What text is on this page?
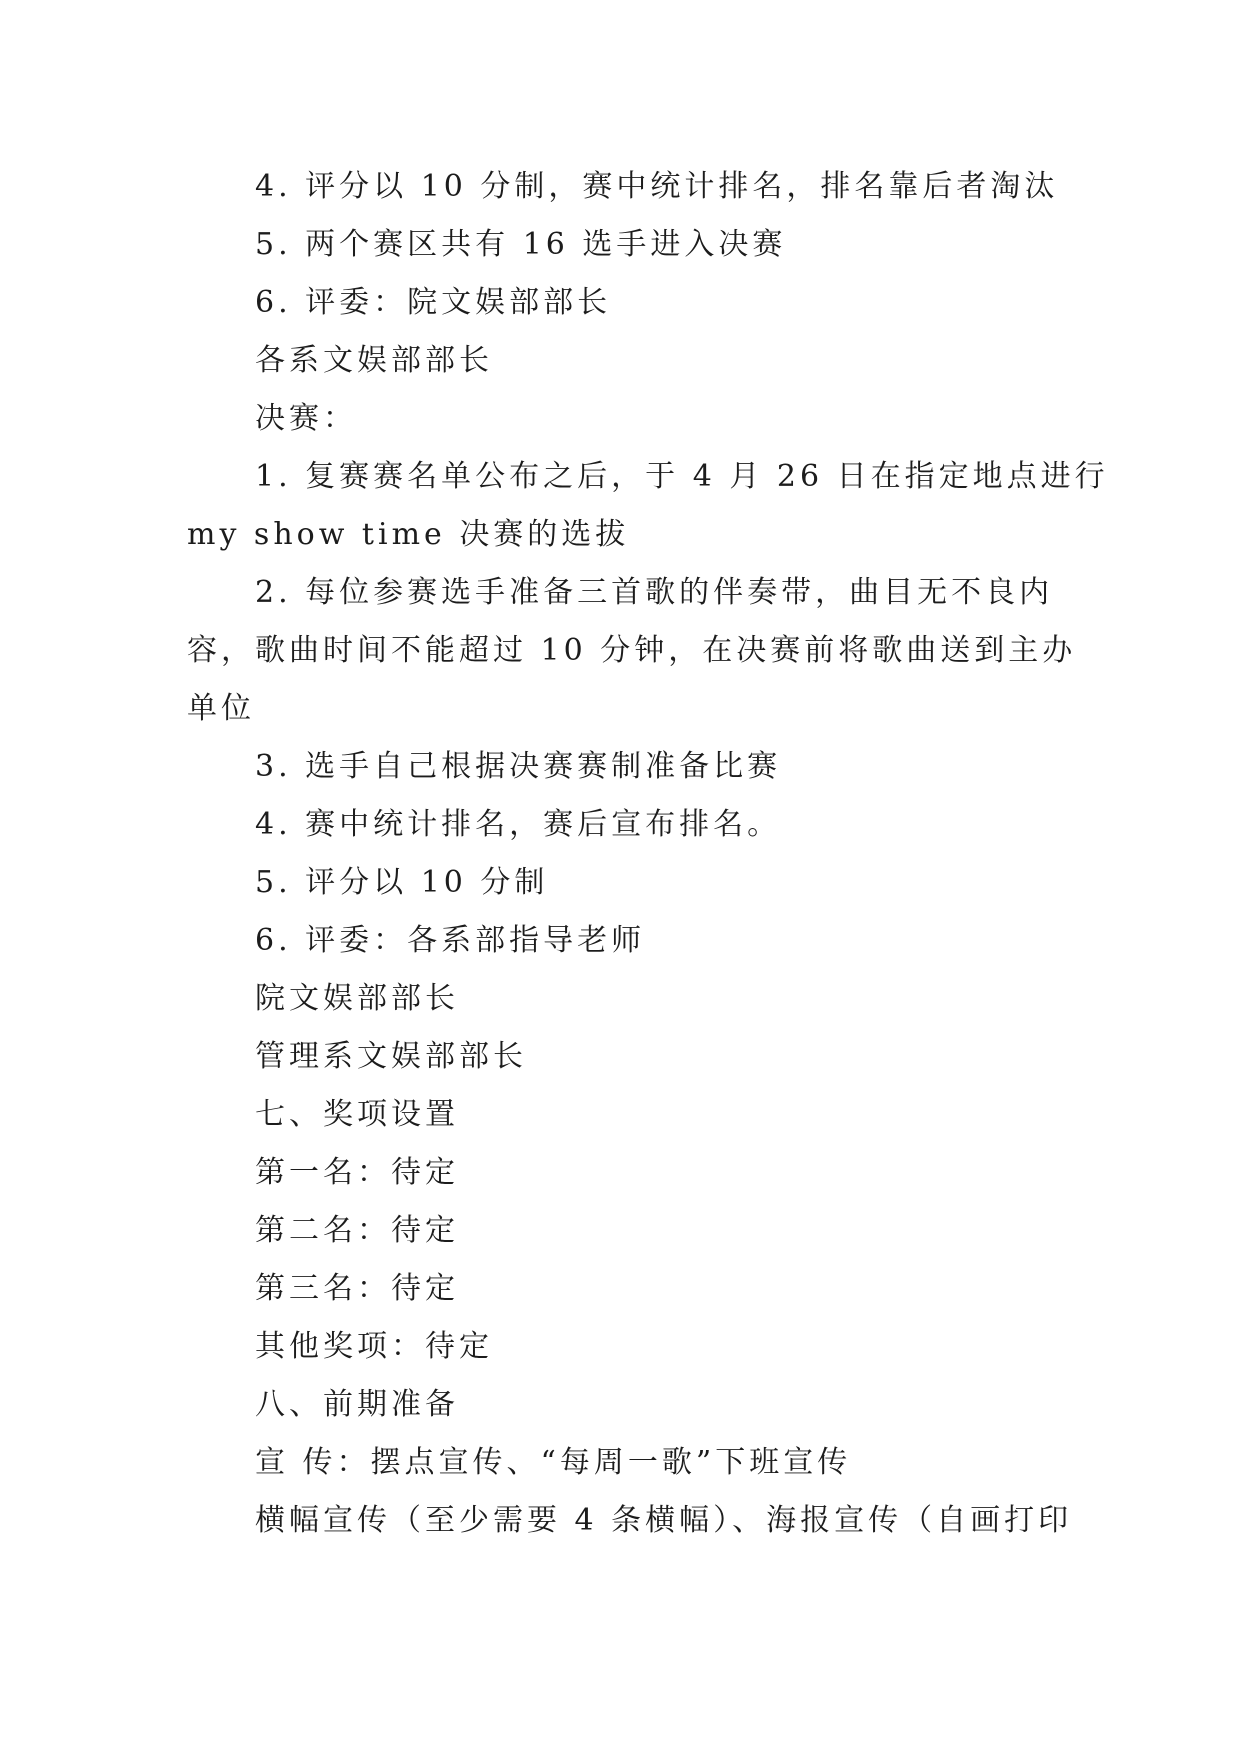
4. 评分以 10 分制，赛中统计排名，排名靠后者淘汰
5. 两个赛区共有 16 选手进入决赛
6. 评委：院文娱部部长
各系文娱部部长
决赛：
1. 复赛赛名单公布之后，于 4 月 26 日在指定地点进行
my show time 决赛的选拔
2. 每位参赛选手准备三首歌的伴奏带，曲目无不良内
容，歌曲时间不能超过 10 分钟，在决赛前将歌曲送到主办
单位
3. 选手自己根据决赛赛制准备比赛
4. 赛中统计排名，赛后宣布排名。
5. 评分以 10 分制
6. 评委：各系部指导老师
院文娱部部长
管理系文娱部部长
七、奖项设置
第一名：待定
第二名：待定
第三名：待定
其他奖项：待定
八、前期准备
宣 传：摆点宣传、“每周一歌”下班宣传
横幅宣传（至少需要 4 条横幅）、海报宣传（自画打印
